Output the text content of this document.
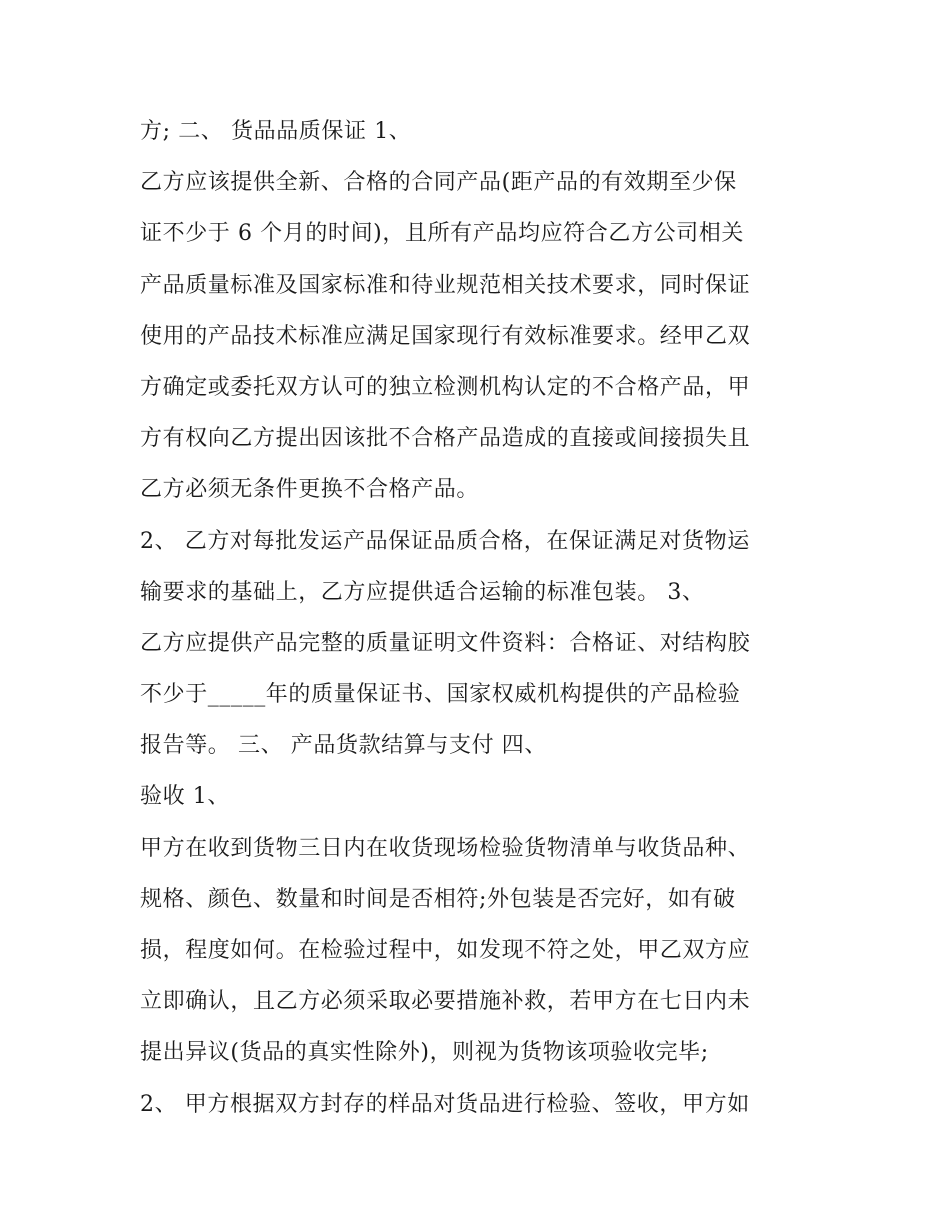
方; 二、 货品品质保证 1、
乙方应该提供全新、合格的合同产品(距产品的有效期至少保
证不少于 6 个月的时间)，且所有产品均应符合乙方公司相关
产品质量标准及国家标准和待业规范相关技术要求，同时保证
使用的产品技术标准应满足国家现行有效标准要求。经甲乙双
方确定或委托双方认可的独立检测机构认定的不合格产品，甲
方有权向乙方提出因该批不合格产品造成的直接或间接损失且
乙方必须无条件更换不合格产品。
2、 乙方对每批发运产品保证品质合格，在保证满足对货物运
输要求的基础上，乙方应提供适合运输的标准包装。 3、
乙方应提供产品完整的质量证明文件资料：合格证、对结构胶
不少于_____年的质量保证书、国家权威机构提供的产品检验
报告等。 三、 产品货款结算与支付 四、
验收 1、
甲方在收到货物三日内在收货现场检验货物清单与收货品种、
规格、颜色、数量和时间是否相符;外包装是否完好，如有破
损，程度如何。在检验过程中，如发现不符之处，甲乙双方应
立即确认，且乙方必须采取必要措施补救，若甲方在七日内未
提出异议(货品的真实性除外)，则视为货物该项验收完毕;
2、 甲方根据双方封存的样品对货品进行检验、签收，甲方如
